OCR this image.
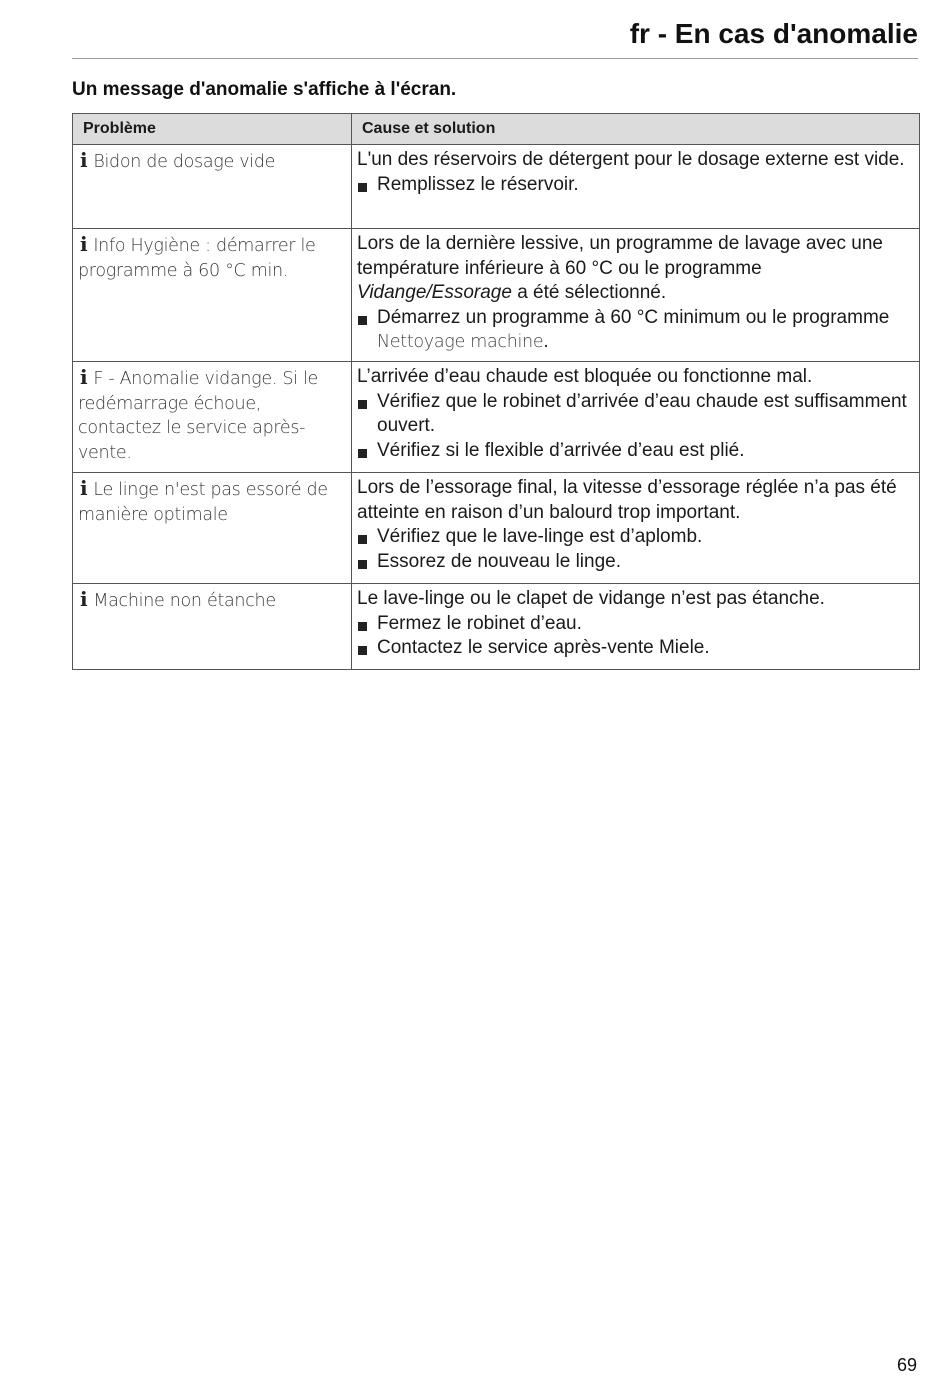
fr - En cas d'anomalie
Un message d'anomalie s'affiche à l'écran.
Problème	Cause et solution
i Bidon de dosage vide	L'un des réservoirs de détergent pour le dosage externe est vide.

Remplissez le réservoir.

i Info Hygiène : démarrer le programme à 60 °C min.	Lors de la dernière lessive, un programme de lavage avec une température inférieure à 60 °C ou le programme Vidange/Essorage a été sélectionné.

Démarrez un programme à 60 °C minimum ou le programme Nettoyage machine.

i F - Anomalie vidange. Si le redémarrage échoue, contactez le service après-vente.	L’arrivée d’eau chaude est bloquée ou fonctionne mal.

Vérifiez que le robinet d’arrivée d’eau chaude est suffisamment ouvert.

Vérifiez si le flexible d’arrivée d’eau est plié.

i Le linge n'est pas essoré de manière optimale	Lors de l’essorage final, la vitesse d’essorage réglée n’a pas été atteinte en raison d’un balourd trop important.

Vérifiez que le lave-linge est d’aplomb.

Essorez de nouveau le linge.

i Machine non étanche	Le lave-linge ou le clapet de vidange n’est pas étanche.

Fermez le robinet d’eau.

Contactez le service après-vente Miele.

69
